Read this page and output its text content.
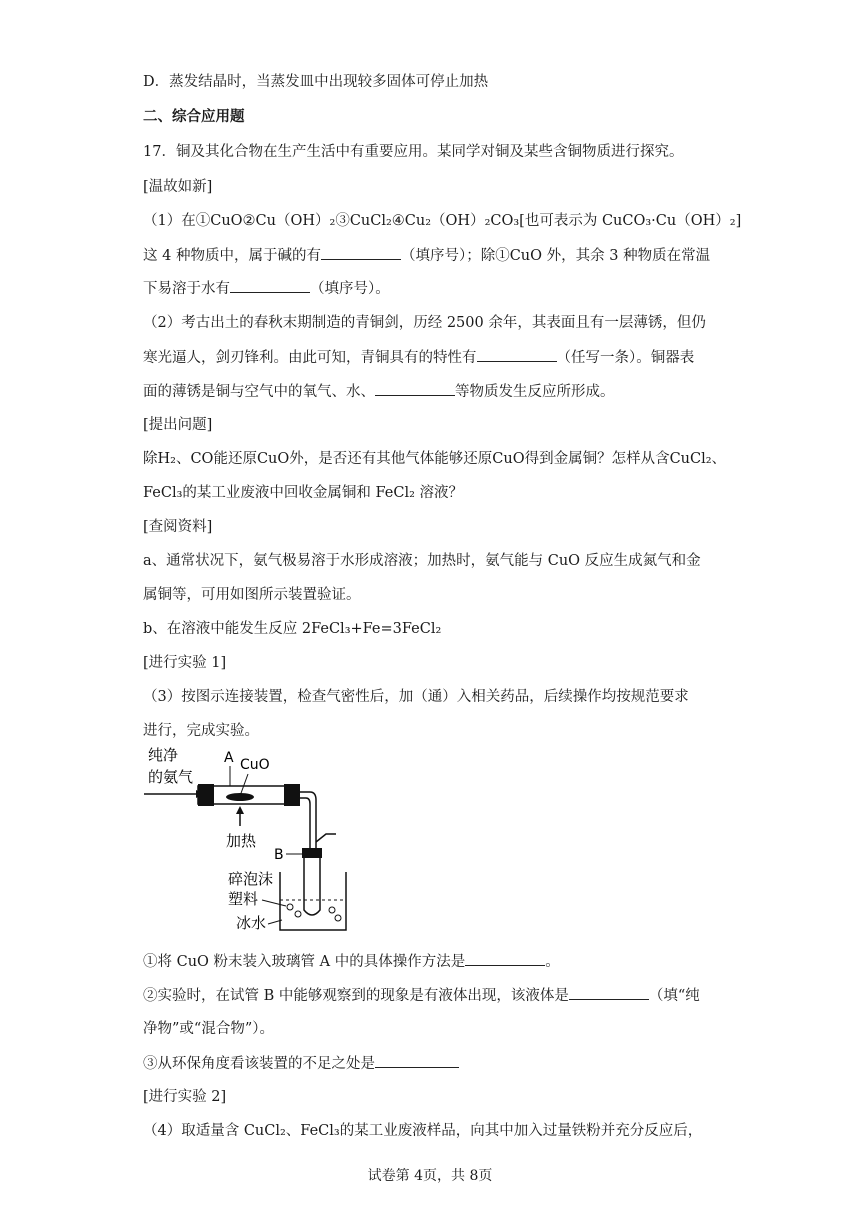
D．蒸发结晶时，当蒸发皿中出现较多固体可停止加热
二、综合应用题
17．铜及其化合物在生产生活中有重要应用。某同学对铜及某些含铜物质进行探究。
[温故如新]
（1）在①CuO②Cu（OH）₂③CuCl₂④Cu₂（OH）₂CO₃[也可表示为 CuCO₃·Cu（OH）₂]
这 4 种物质中，属于碱的有	（填序号）；除①CuO 外，其余 3 种物质在常温
下易溶于水有	（填序号）。
（2）考古出土的春秋末期制造的青铜剑，历经 2500 余年，其表面且有一层薄锈，但仍
寒光逼人，剑刃锋利。由此可知，青铜具有的特性有	（任写一条）。铜器表
面的薄锈是铜与空气中的氧气、水、	等物质发生反应所形成。
[提出问题]
除H₂、CO能还原CuO外，是否还有其他气体能够还原CuO得到金属铜？怎样从含CuCl₂、
FeCl₃的某工业废液中回收金属铜和 FeCl₂ 溶液？
[查阅资料]
a、通常状况下，氨气极易溶于水形成溶液；加热时，氨气能与 CuO 反应生成氮气和金
属铜等，可用如图所示装置验证。
b、在溶液中能发生反应 2FeCl₃+Fe=3FeCl₂
[进行实验 1]
（3）按图示连接装置，检查气密性后，加（通）入相关药品，后续操作均按规范要求
进行，完成实验。
纯净
的氨气
A CuO
加热
B
碎泡沫
塑料
冰水
①将 CuO 粉末装入玻璃管 A 中的具体操作方法是	。
②实验时，在试管 B 中能够观察到的现象是有液体出现，该液体是	（填“纯
净物”或“混合物”）。
③从环保角度看该装置的不足之处是
[进行实验 2]
（4）取适量含 CuCl₂、FeCl₃的某工业废液样品，向其中加入过量铁粉并充分反应后，
试卷第 4页，共 8页
